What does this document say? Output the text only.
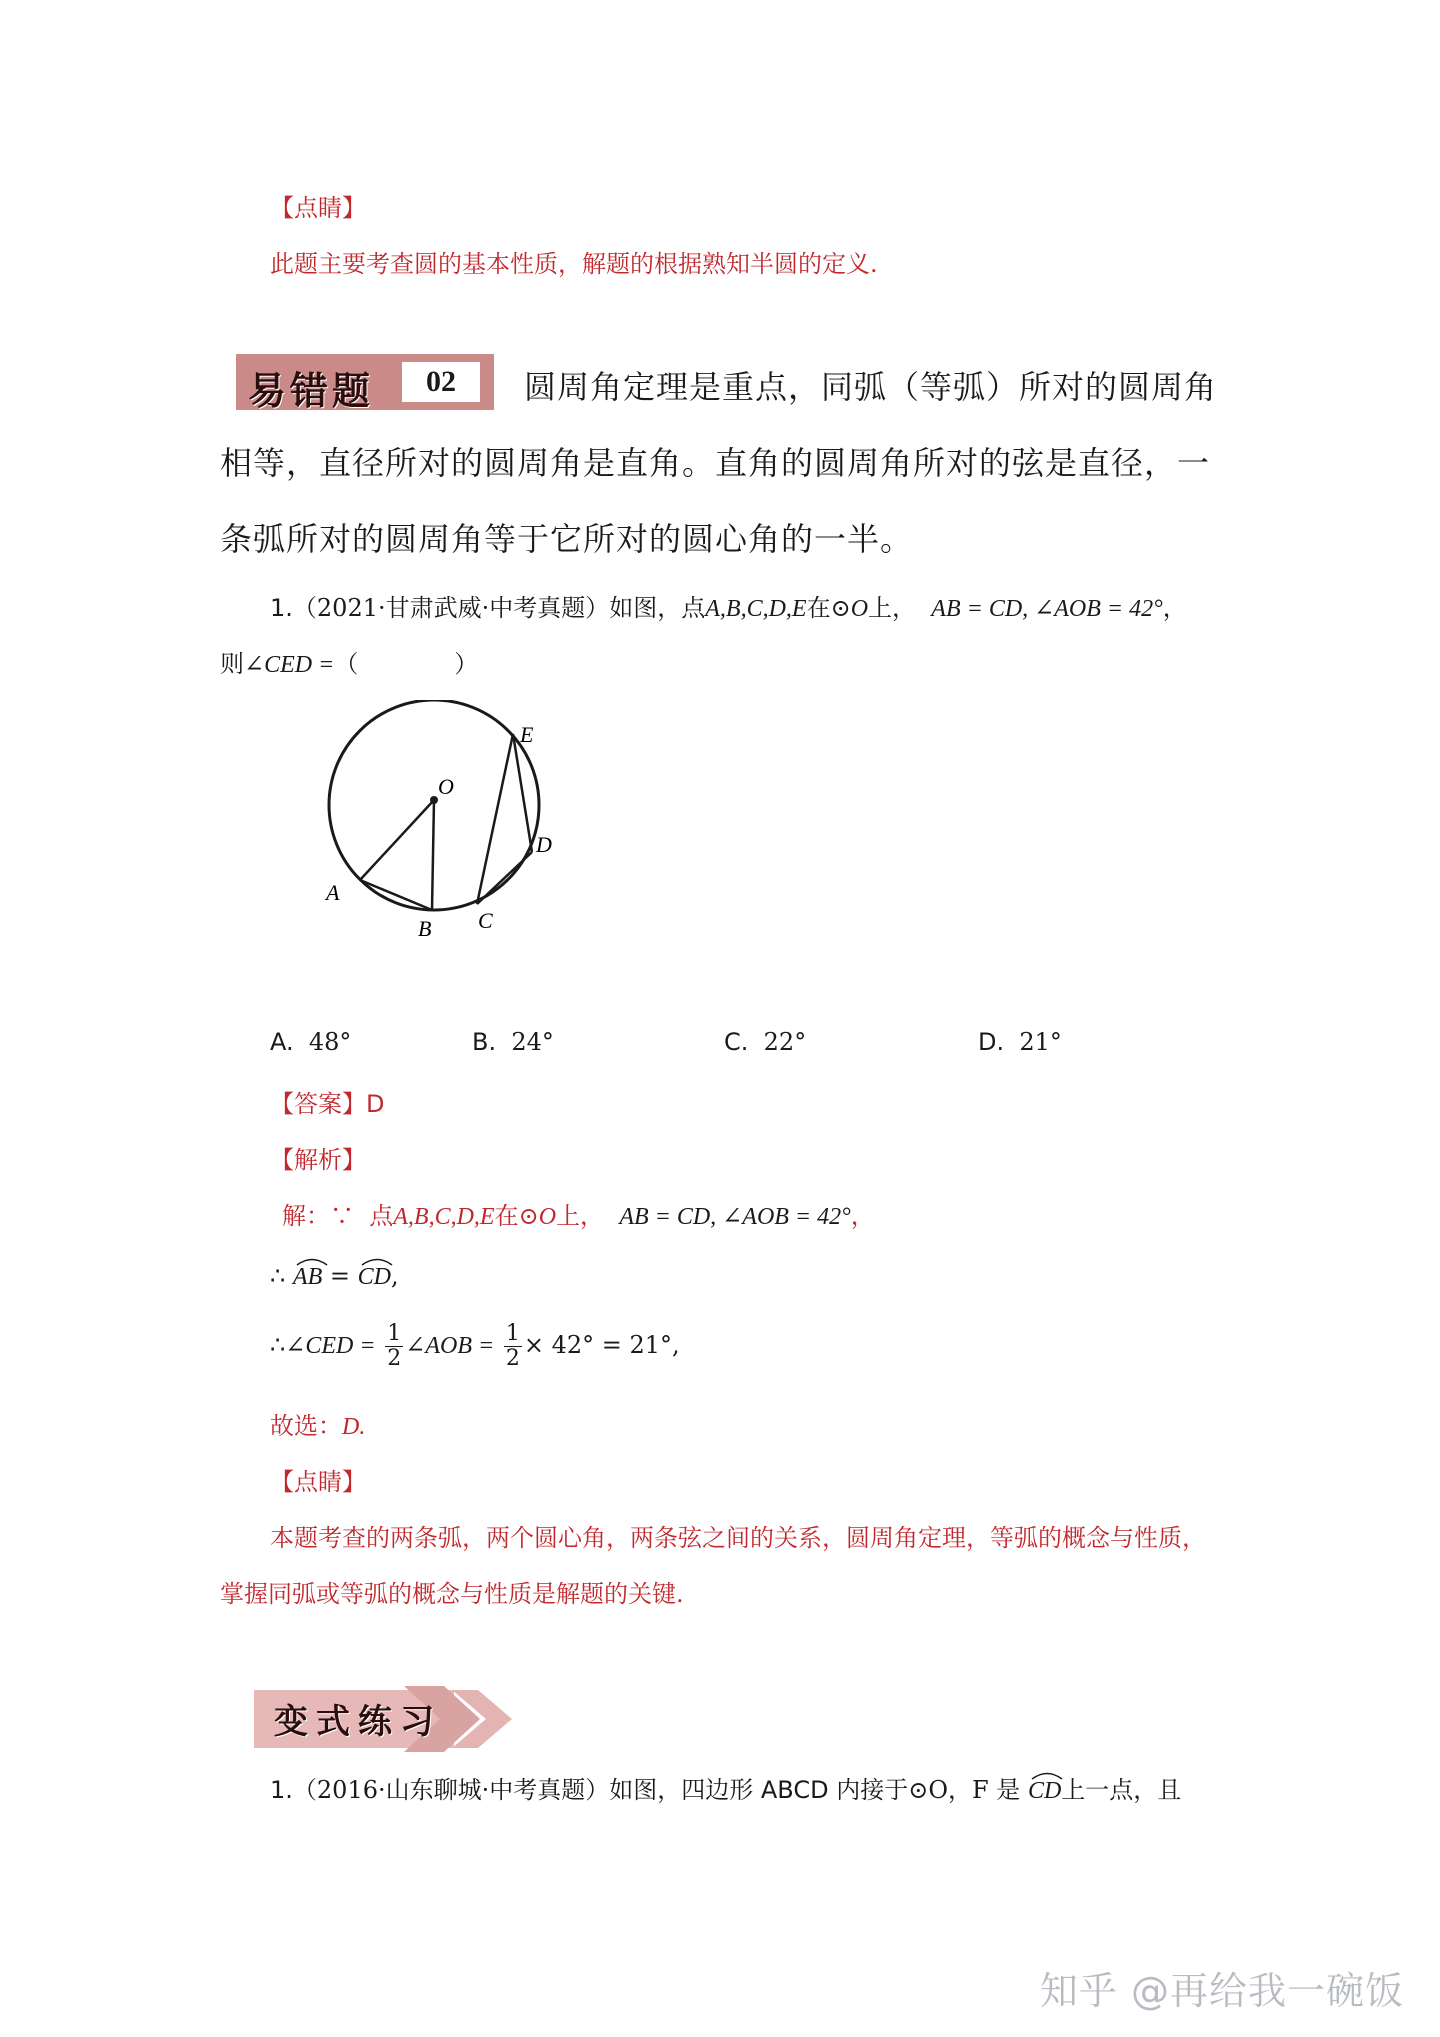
【点睛】
此题主要考查圆的基本性质，解题的根据熟知半圆的定义.
易错题	02	圆周角定理是重点，同弧（等弧）所对的圆周角
相等，直径所对的圆周角是直角。直角的圆周角所对的弦是直径，一
条弧所对的圆周角等于它所对的圆心角的一半。
1.（2021·甘肃武威·中考真题）如图，点A,B,C,D,E在⊙O上， AB = CD, ∠AOB = 42°，
则∠CED =（　　　　）
O
A
B C
D
E
A. 48°	B. 24°	C. 22°	D. 21°
【答案】D
【解析】
解：∵ 点A,B,C,D,E在⊙O上， AB = CD, ∠AOB = 42°，
∴ AB = CD,
∴∠CED = $\frac{1}{2}$ ∠AOB = $\frac{1}{2} \times 42^\circ = 21^\circ$,
故选：D.
【点睛】
本题考查的两条弧，两个圆心角，两条弦之间的关系，圆周角定理，等弧的概念与性质，
掌握同弧或等弧的概念与性质是解题的关键.
变式练习
1.（2016·山东聊城·中考真题）如图，四边形 ABCD 内接于⊙O，F 是 CD上一点，且
知乎 @再给我一碗饭
